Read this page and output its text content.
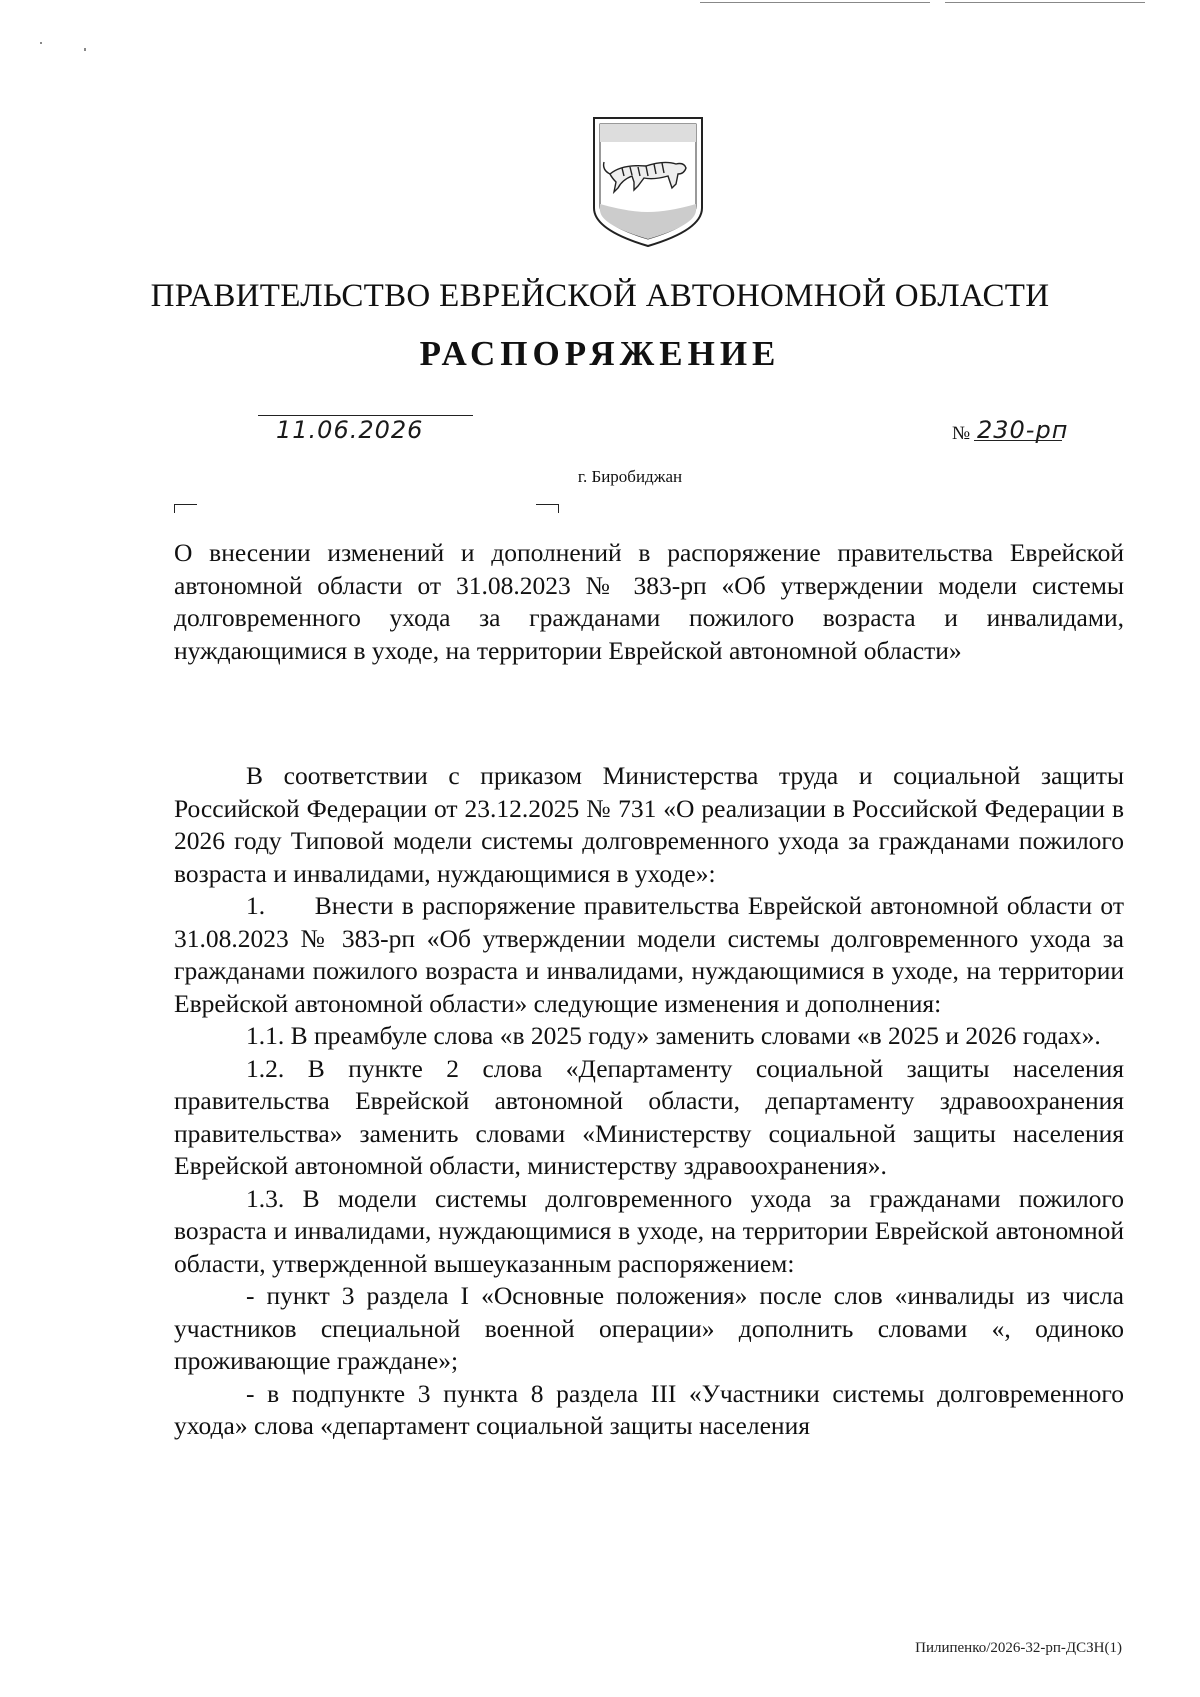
ПРАВИТЕЛЬСТВО ЕВРЕЙСКОЙ АВТОНОМНОЙ ОБЛАСТИ
РАСПОРЯЖЕНИЕ
11.06.2026	№ 230-рп
г. Биробиджан
О внесении изменений и дополнений в распоряжение правительства Еврейской автономной области от 31.08.2023 № 383-рп «Об утверждении модели системы долговременного ухода за гражданами пожилого возраста и инвалидами, нуждающимися в уходе, на территории Еврейской автономной области»

В соответствии с приказом Министерства труда и социальной защиты Российской Федерации от 23.12.2025 № 731 «О реализации в Российской Федерации в 2026 году Типовой модели системы долговременного ухода за гражданами пожилого возраста и инвалидами, нуждающимися в уходе»:

1.      Внести в распоряжение правительства Еврейской автономной области от 31.08.2023 № 383-рп «Об утверждении модели системы долговременного ухода за гражданами пожилого возраста и инвалидами, нуждающимися в уходе, на территории Еврейской автономной области» следующие изменения и дополнения:

1.1. В преамбуле слова «в 2025 году» заменить словами «в 2025 и 2026 годах».

1.2. В пункте 2 слова «Департаменту социальной защиты населения правительства Еврейской автономной области, департаменту здравоохранения правительства» заменить словами «Министерству социальной защиты населения Еврейской автономной области, министерству здравоохранения».

1.3. В модели системы долговременного ухода за гражданами пожилого возраста и инвалидами, нуждающимися в уходе, на территории Еврейской автономной области, утвержденной вышеуказанным распоряжением:

- пункт 3 раздела I «Основные положения» после слов «инвалиды из числа участников специальной военной операции» дополнить словами «, одиноко проживающие граждане»;

- в подпункте 3 пункта 8 раздела III «Участники системы долговременного ухода» слова «департамент социальной защиты населения

Пилипенко/2026-32-рп-ДСЗН(1)
